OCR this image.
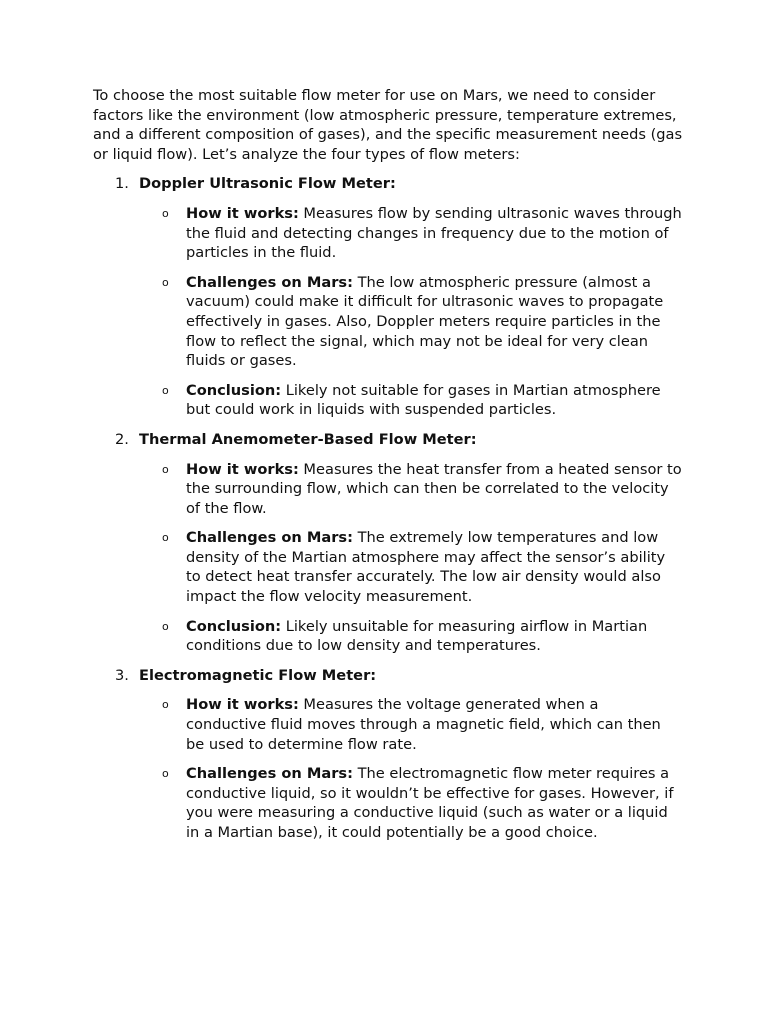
To choose the most suitable flow meter for use on Mars, we need to consider factors like the environment (low atmospheric pressure, temperature extremes, and a different composition of gases), and the specific measurement needs (gas or liquid flow). Let’s analyze the four types of flow meters:

1. Doppler Ultrasonic Flow Meter:
o How it works: Measures flow by sending ultrasonic waves through the fluid and detecting changes in frequency due to the motion of particles in the fluid.
o Challenges on Mars: The low atmospheric pressure (almost a vacuum) could make it difficult for ultrasonic waves to propagate effectively in gases. Also, Doppler meters require particles in the flow to reflect the signal, which may not be ideal for very clean fluids or gases.
o Conclusion: Likely not suitable for gases in Martian atmosphere but could work in liquids with suspended particles.
2. Thermal Anemometer-Based Flow Meter:
o How it works: Measures the heat transfer from a heated sensor to the surrounding flow, which can then be correlated to the velocity of the flow.
o Challenges on Mars: The extremely low temperatures and low density of the Martian atmosphere may affect the sensor’s ability to detect heat transfer accurately. The low air density would also impact the flow velocity measurement.
o Conclusion: Likely unsuitable for measuring airflow in Martian conditions due to low density and temperatures.
3. Electromagnetic Flow Meter:
o How it works: Measures the voltage generated when a conductive fluid moves through a magnetic field, which can then be used to determine flow rate.
o Challenges on Mars: The electromagnetic flow meter requires a conductive liquid, so it wouldn’t be effective for gases. However, if you were measuring a conductive liquid (such as water or a liquid in a Martian base), it could potentially be a good choice.
